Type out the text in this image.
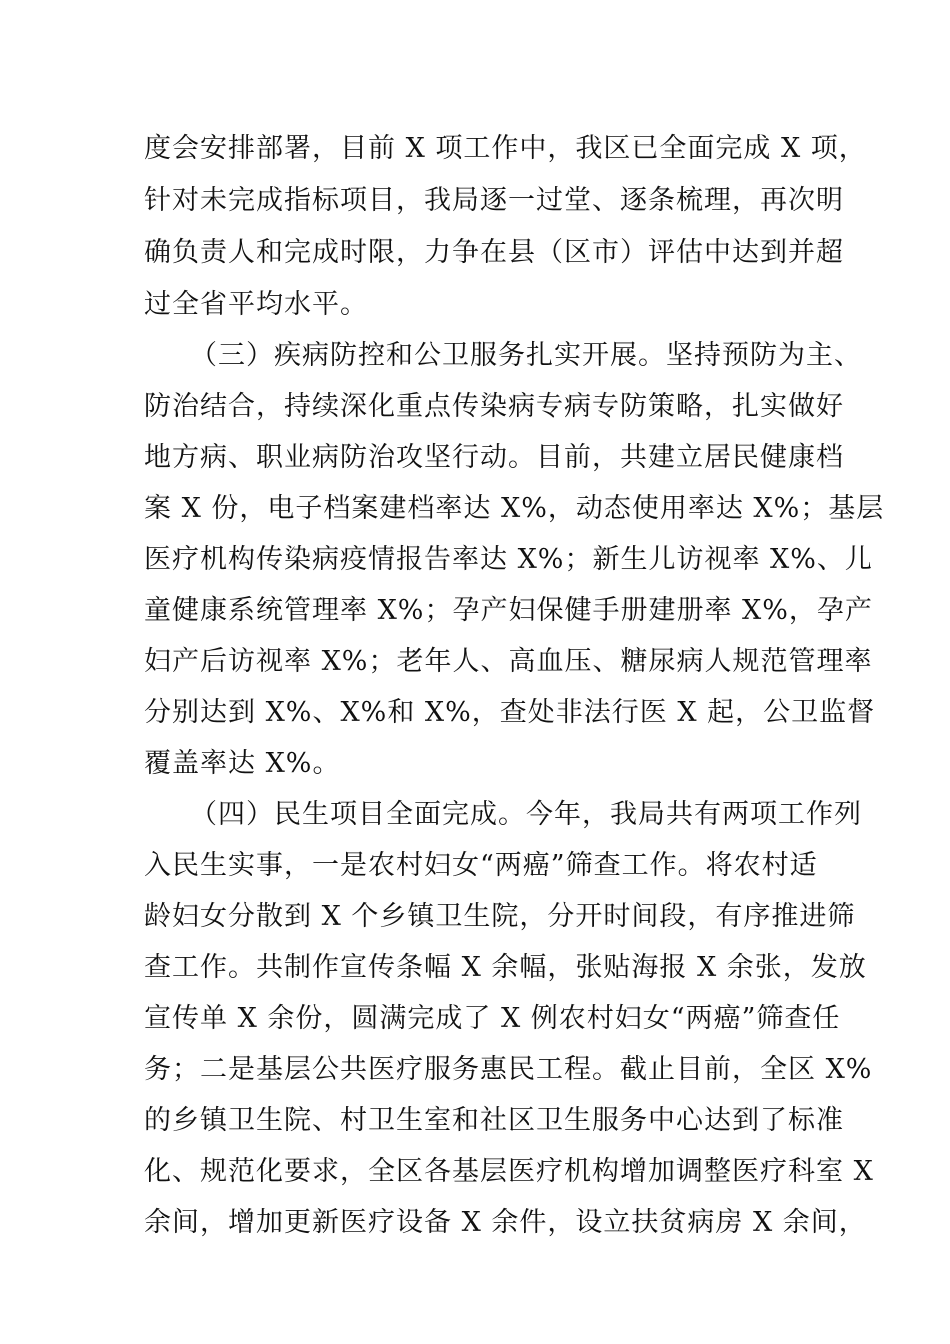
度会安排部署，目前 X 项工作中，我区已全面完成 X 项，

针对未完成指标项目，我局逐一过堂、逐条梳理，再次明

确负责人和完成时限，力争在县（区市）评估中达到并超

过全省平均水平。

（三）疾病防控和公卫服务扎实开展。坚持预防为主、

防治结合，持续深化重点传染病专病专防策略，扎实做好

地方病、职业病防治攻坚行动。目前，共建立居民健康档

案 X 份，电子档案建档率达 X%，动态使用率达 X%；基层

医疗机构传染病疫情报告率达 X%；新生儿访视率 X%、儿

童健康系统管理率 X%；孕产妇保健手册建册率 X%，孕产

妇产后访视率 X%；老年人、高血压、糖尿病人规范管理率

分别达到 X%、X%和 X%，查处非法行医 X 起，公卫监督

覆盖率达 X%。

（四）民生项目全面完成。今年，我局共有两项工作列

入民生实事，一是农村妇女“两癌”筛查工作。将农村适

龄妇女分散到 X 个乡镇卫生院，分开时间段，有序推进筛

查工作。共制作宣传条幅 X 余幅，张贴海报 X 余张，发放

宣传单 X 余份，圆满完成了 X 例农村妇女“两癌”筛查任

务；二是基层公共医疗服务惠民工程。截止目前，全区 X%

的乡镇卫生院、村卫生室和社区卫生服务中心达到了标准

化、规范化要求，全区各基层医疗机构增加调整医疗科室 X

余间，增加更新医疗设备 X 余件，设立扶贫病房 X 余间，
